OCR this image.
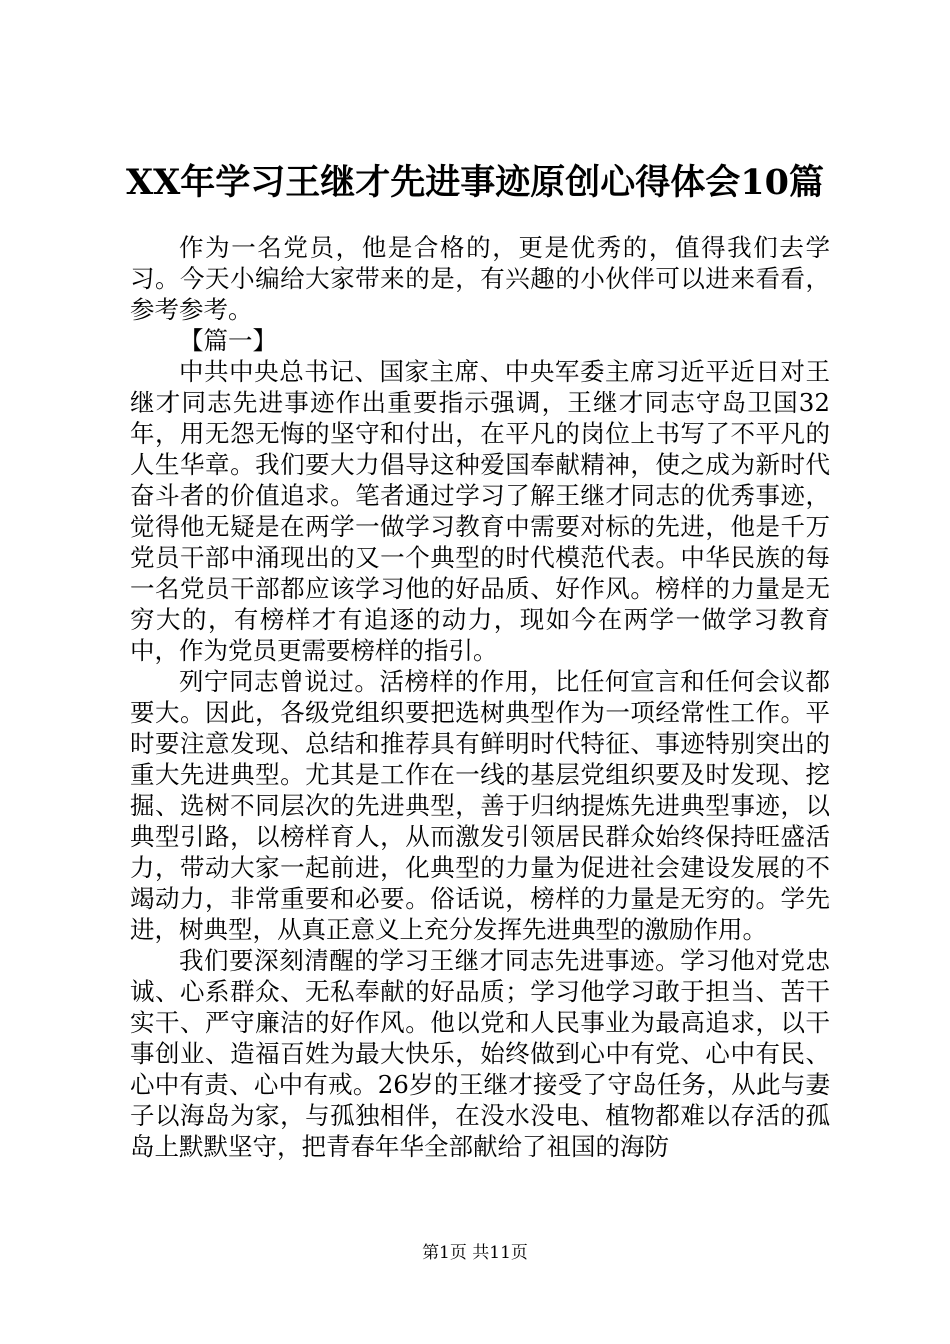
XX年学习王继才先进事迹原创心得体会10篇

作为一名党员，他是合格的，更是优秀的，值得我们去学习。今天小编给大家带来的是，有兴趣的小伙伴可以进来看看，参考参考。

【篇一】

中共中央总书记、国家主席、中央军委主席习近平近日对王继才同志先进事迹作出重要指示强调，王继才同志守岛卫国32年，用无怨无悔的坚守和付出，在平凡的岗位上书写了不平凡的人生华章。我们要大力倡导这种爱国奉献精神，使之成为新时代奋斗者的价值追求。笔者通过学习了解王继才同志的优秀事迹，觉得他无疑是在两学一做学习教育中需要对标的先进，他是千万党员干部中涌现出的又一个典型的时代模范代表。中华民族的每一名党员干部都应该学习他的好品质、好作风。榜样的力量是无穷大的，有榜样才有追逐的动力，现如今在两学一做学习教育中，作为党员更需要榜样的指引。

列宁同志曾说过。活榜样的作用，比任何宣言和任何会议都要大。因此，各级党组织要把选树典型作为一项经常性工作。平时要注意发现、总结和推荐具有鲜明时代特征、事迹特别突出的重大先进典型。尤其是工作在一线的基层党组织要及时发现、挖掘、选树不同层次的先进典型，善于归纳提炼先进典型事迹，以典型引路，以榜样育人，从而激发引领居民群众始终保持旺盛活力，带动大家一起前进，化典型的力量为促进社会建设发展的不竭动力，非常重要和必要。俗话说，榜样的力量是无穷的。学先进，树典型，从真正意义上充分发挥先进典型的激励作用。

我们要深刻清醒的学习王继才同志先进事迹。学习他对党忠诚、心系群众、无私奉献的好品质；学习他学习敢于担当、苦干实干、严守廉洁的好作风。他以党和人民事业为最高追求，以干事创业、造福百姓为最大快乐，始终做到心中有党、心中有民、心中有责、心中有戒。26岁的王继才接受了守岛任务，从此与妻子以海岛为家，与孤独相伴，在没水没电、植物都难以存活的孤岛上默默坚守，把青春年华全部献给了祖国的海防

第1页 共11页
